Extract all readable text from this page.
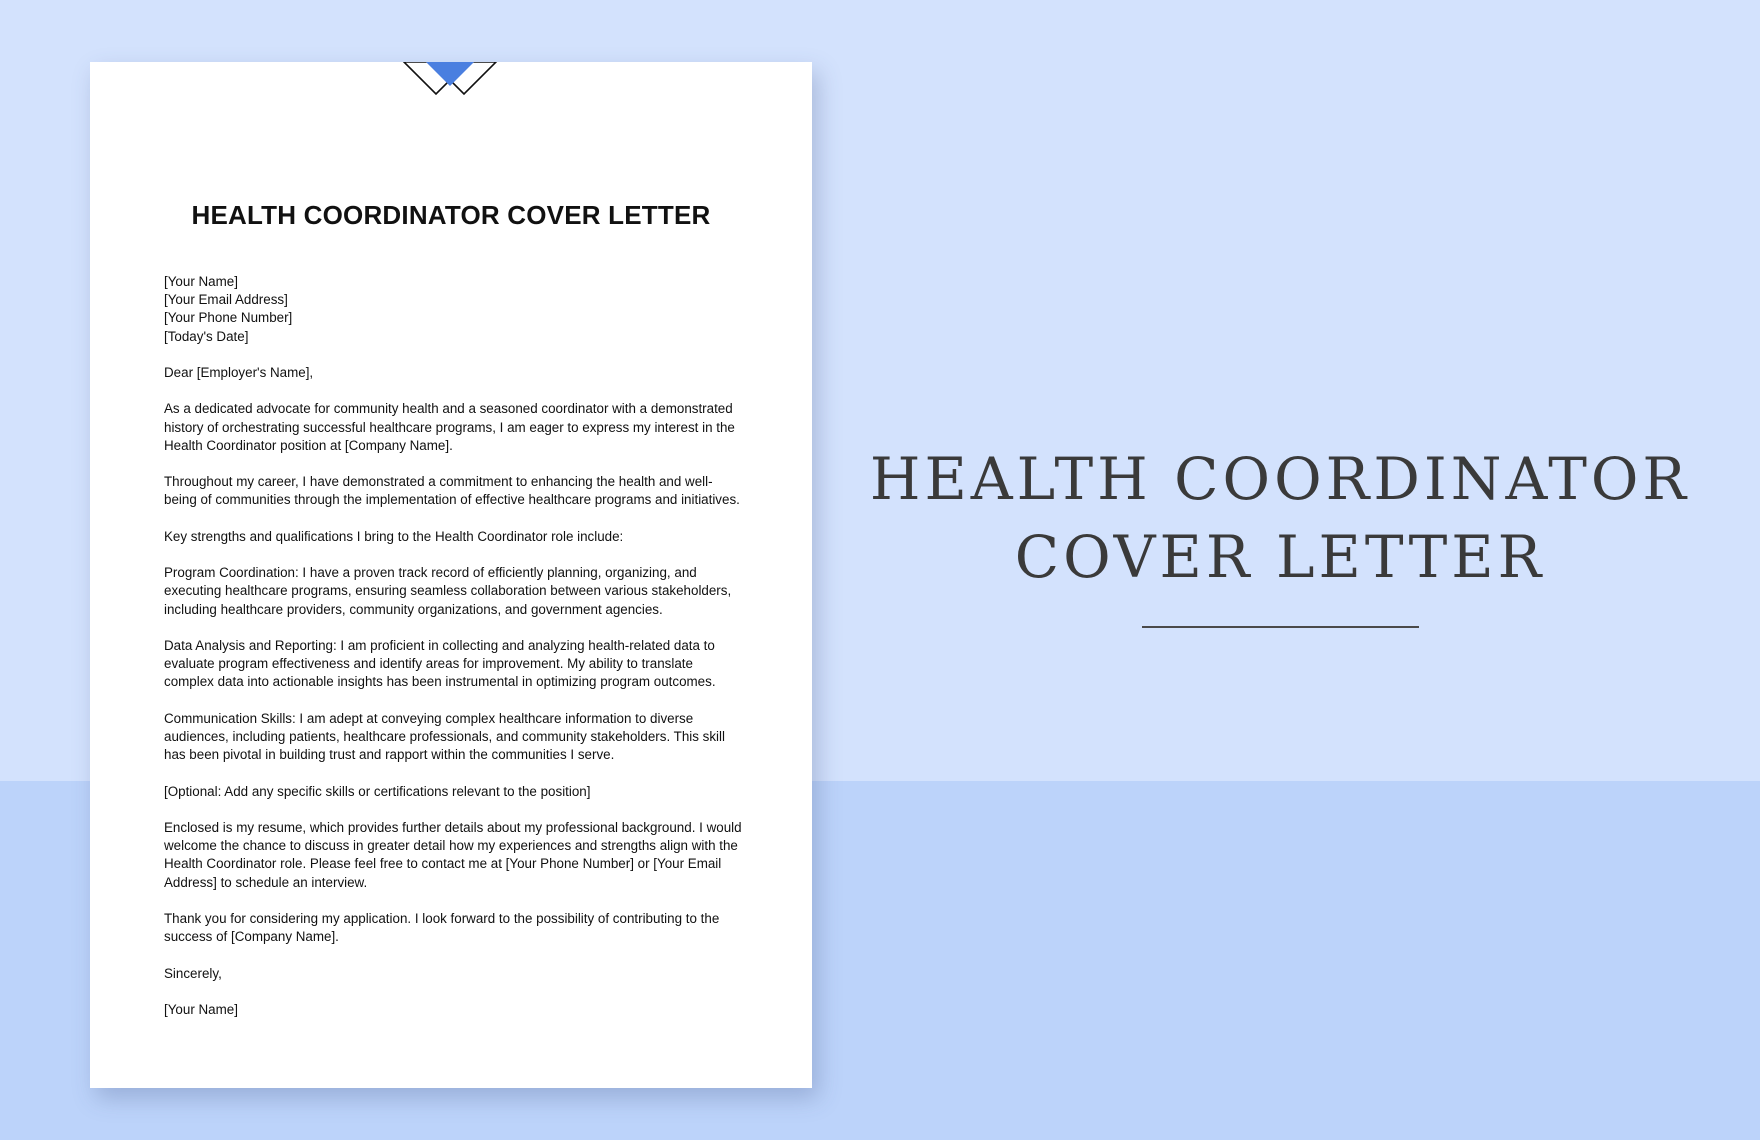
HEALTH COORDINATOR COVER LETTER

[Your Name]
[Your Email Address]
[Your Phone Number]
[Today's Date]

Dear [Employer's Name],

As a dedicated advocate for community health and a seasoned coordinator with a demonstrated history of orchestrating successful healthcare programs, I am eager to express my interest in the Health Coordinator position at [Company Name].

Throughout my career, I have demonstrated a commitment to enhancing the health and well-being of communities through the implementation of effective healthcare programs and initiatives.

Key strengths and qualifications I bring to the Health Coordinator role include:

Program Coordination: I have a proven track record of efficiently planning, organizing, and executing healthcare programs, ensuring seamless collaboration between various stakeholders, including healthcare providers, community organizations, and government agencies.

Data Analysis and Reporting: I am proficient in collecting and analyzing health-related data to evaluate program effectiveness and identify areas for improvement. My ability to translate complex data into actionable insights has been instrumental in optimizing program outcomes.

Communication Skills: I am adept at conveying complex healthcare information to diverse audiences, including patients, healthcare professionals, and community stakeholders. This skill has been pivotal in building trust and rapport within the communities I serve.

[Optional: Add any specific skills or certifications relevant to the position]

Enclosed is my resume, which provides further details about my professional background. I would welcome the chance to discuss in greater detail how my experiences and strengths align with the Health Coordinator role. Please feel free to contact me at [Your Phone Number] or [Your Email Address] to schedule an interview.

Thank you for considering my application. I look forward to the possibility of contributing to the success of [Company Name].

Sincerely,

[Your Name]

HEALTH COORDINATOR
COVER LETTER
